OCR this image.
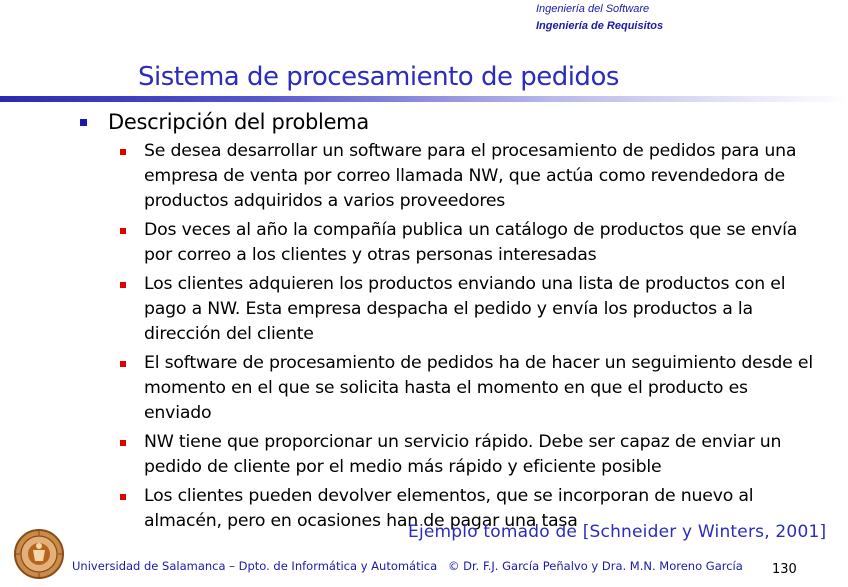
Ingeniería del Software
Ingeniería de Requisitos
Sistema de procesamiento de pedidos
Descripción del problema
Se desea desarrollar un software para el procesamiento de pedidos para una empresa de venta por correo llamada NW, que actúa como revendedora de productos adquiridos a varios proveedores
Dos veces al año la compañía publica un catálogo de productos que se envía por correo a los clientes y otras personas interesadas
Los clientes adquieren los productos enviando una lista de productos con el pago a NW. Esta empresa despacha el pedido y envía los productos a la dirección del cliente
El software de procesamiento de pedidos ha de hacer un seguimiento desde el momento en el que se solicita hasta el momento en que el producto es enviado
NW tiene que proporcionar un servicio rápido. Debe ser capaz de enviar un pedido de cliente por el medio más rápido y eficiente posible
Los clientes pueden devolver elementos, que se incorporan de nuevo al almacén, pero en ocasiones han de pagar una tasa
Ejemplo tomado de [Schneider y Winters, 2001]
Universidad de Salamanca – Dpto. de Informática y Automática © Dr. F.J. García Peñalvo y Dra. M.N. Moreno García 130
